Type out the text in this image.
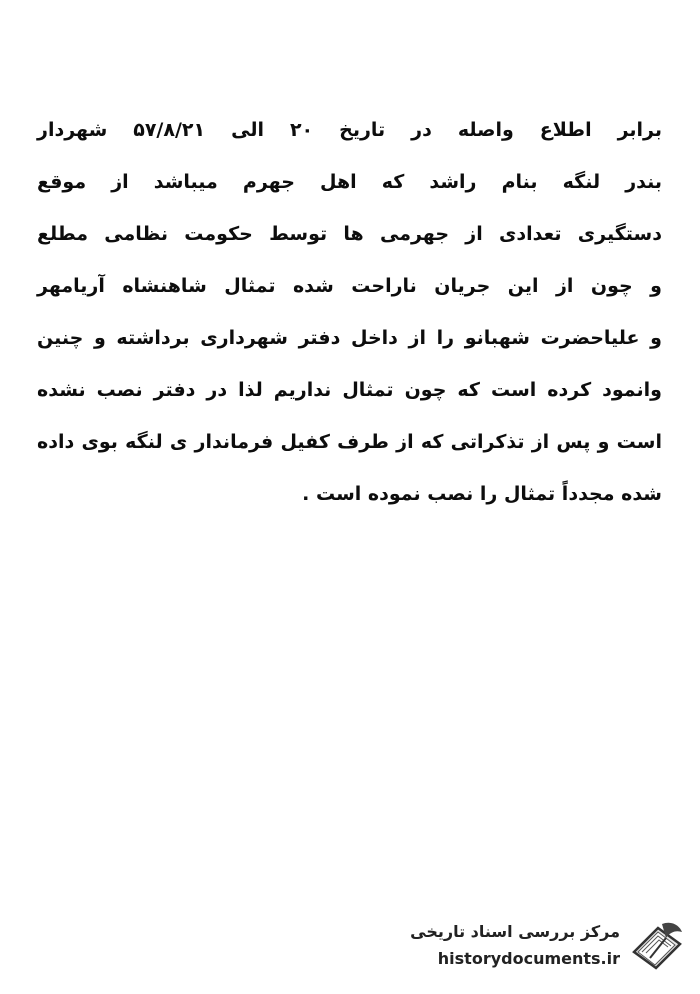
برابر اطلاع واصله در تاریخ ۲۰ الی ۵۷/۸/۲۱ شهردار
بندر لنگه بنام راشد که اهل جهرم میباشد از موقع
دستگیری تعدادی از جهرمی ها توسط حکومت نظامی مطلع
و چون از این جریان ناراحت شده تمثال شاهنشاه آریامهر
و علیاحضرت شهبانو را از داخل دفتر شهرداری برداشته و چنین
وانمود کرده است که چون تمثال نداریم لذا در دفتر نصب نشده
است و پس از تذکراتی که از طرف کفیل فرماندار ی لنگه بوی داده
شده مجدداً تمثال را نصب نموده است .
مرکز بررسی اسناد تاریخی
historydocuments.ir
